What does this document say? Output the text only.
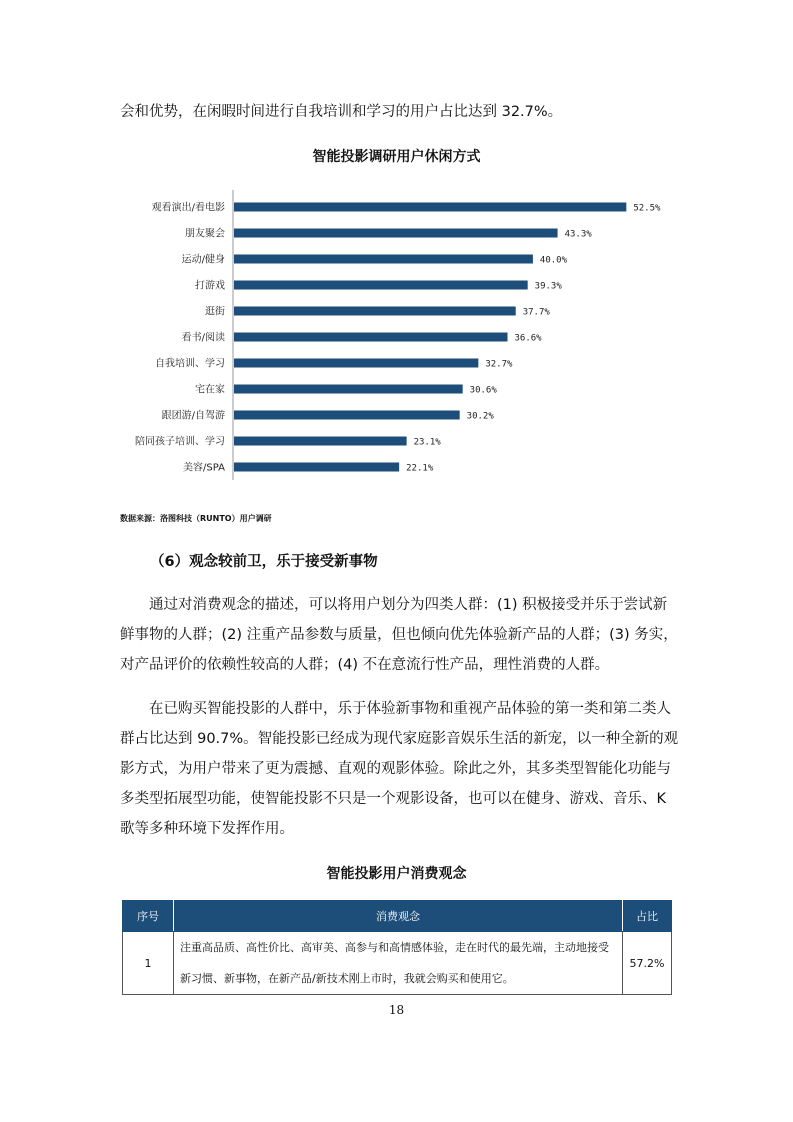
会和优势，在闲暇时间进行自我培训和学习的用户占比达到 32.7%。

智能投影调研用户休闲方式
观看演出/看电影	52.5%
朋友聚会	43.3%
运动/健身	40.0%
打游戏	39.3%
逛街	37.7%
看书/阅读	36.6%
自我培训、学习	32.7%
宅在家	30.6%
跟团游/自驾游	30.2%
陪同孩子培训、学习	23.1%
美容/SPA	22.1%
数据来源：洛图科技（RUNTO）用户调研
（6）观念较前卫，乐于接受新事物

通过对消费观念的描述，可以将用户划分为四类人群：(1) 积极接受并乐于尝试新鲜事物的人群；(2) 注重产品参数与质量，但也倾向优先体验新产品的人群；(3) 务实，对产品评价的依赖性较高的人群；(4) 不在意流行性产品，理性消费的人群。

在已购买智能投影的人群中，乐于体验新事物和重视产品体验的第一类和第二类人群占比达到 90.7%。智能投影已经成为现代家庭影音娱乐生活的新宠，以一种全新的观影方式，为用户带来了更为震撼、直观的观影体验。除此之外，其多类型智能化功能与多类型拓展型功能，使智能投影不只是一个观影设备，也可以在健身、游戏、音乐、K 歌等多种环境下发挥作用。

智能投影用户消费观念
序号	消费观念	占比
1	注重高品质、高性价比、高审美、高参与和高情感体验，走在时代的最先端，主动地接受新习惯、新事物，在新产品/新技术刚上市时，我就会购买和使用它。	57.2%
18
